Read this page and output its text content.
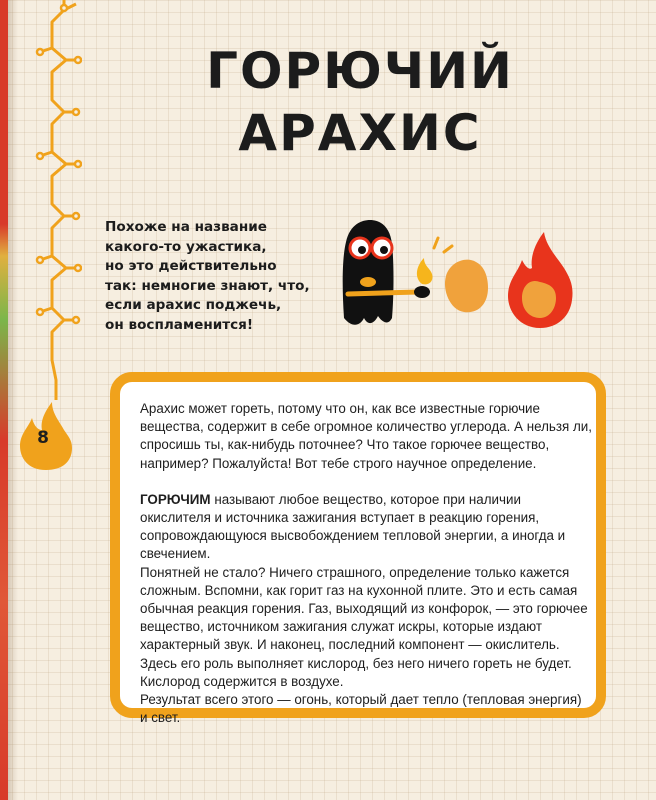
8
ГОРЮЧИЙ
АРАХИС

Похоже на название
какого-то ужастика,
но это действительно
так: немногие знают, что,
если арахис поджечь,
он воспламенится!

Арахис может гореть, потому что он, как все известные горючие вещества, содержит в себе огромное количество углерода. А нельзя ли, спросишь ты, как-нибудь поточнее? Что такое горючее вещество, например? Пожалуйста! Вот тебе строго научное определение.

ГОРЮЧИМ называют любое вещество, которое при наличии окислителя и источника зажигания вступает в реакцию горения, сопровождающуюся высвобождением тепловой энергии, а иногда и свечением.

Понятней не стало? Ничего страшного, определение только кажется сложным. Вспомни, как горит газ на кухонной плите. Это и есть самая обычная реакция горения. Газ, выходящий из конфорок, — это горючее вещество, источником зажигания служат искры, которые издают характерный звук. И наконец, последний компонент — окислитель. Здесь его роль выполняет кислород, без него ничего гореть не будет. Кислород содержится в воздухе.

Результат всего этого — огонь, который дает тепло (тепловая энергия) и свет.
